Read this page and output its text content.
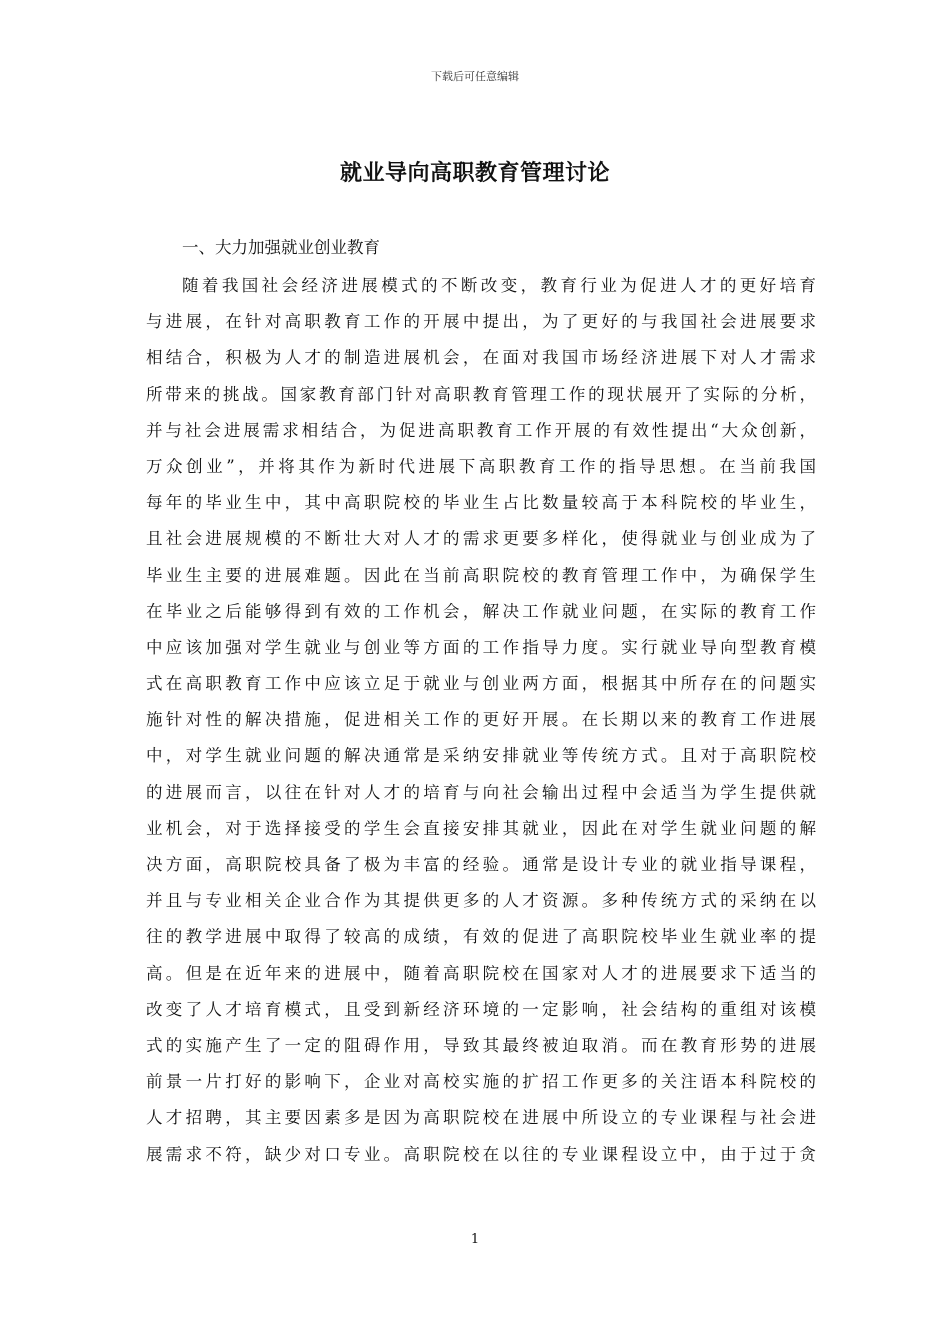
下载后可任意编辑
就业导向高职教育管理讨论
一、大力加强就业创业教育
随着我国社会经济进展模式的不断改变，教育行业为促进人才的更好培育
与进展，在针对高职教育工作的开展中提出，为了更好的与我国社会进展要求
相结合，积极为人才的制造进展机会，在面对我国市场经济进展下对人才需求
所带来的挑战。国家教育部门针对高职教育管理工作的现状展开了实际的分析，
并与社会进展需求相结合，为促进高职教育工作开展的有效性提出“大众创新，
万众创业”，并将其作为新时代进展下高职教育工作的指导思想。在当前我国
每年的毕业生中，其中高职院校的毕业生占比数量较高于本科院校的毕业生，
且社会进展规模的不断壮大对人才的需求更要多样化，使得就业与创业成为了
毕业生主要的进展难题。因此在当前高职院校的教育管理工作中，为确保学生
在毕业之后能够得到有效的工作机会，解决工作就业问题，在实际的教育工作
中应该加强对学生就业与创业等方面的工作指导力度。实行就业导向型教育模
式在高职教育工作中应该立足于就业与创业两方面，根据其中所存在的问题实
施针对性的解决措施，促进相关工作的更好开展。在长期以来的教育工作进展
中，对学生就业问题的解决通常是采纳安排就业等传统方式。且对于高职院校
的进展而言，以往在针对人才的培育与向社会输出过程中会适当为学生提供就
业机会，对于选择接受的学生会直接安排其就业，因此在对学生就业问题的解
决方面，高职院校具备了极为丰富的经验。通常是设计专业的就业指导课程，
并且与专业相关企业合作为其提供更多的人才资源。多种传统方式的采纳在以
往的教学进展中取得了较高的成绩，有效的促进了高职院校毕业生就业率的提
高。但是在近年来的进展中，随着高职院校在国家对人才的进展要求下适当的
改变了人才培育模式，且受到新经济环境的一定影响，社会结构的重组对该模
式的实施产生了一定的阻碍作用，导致其最终被迫取消。而在教育形势的进展
前景一片打好的影响下，企业对高校实施的扩招工作更多的关注语本科院校的
人才招聘，其主要因素多是因为高职院校在进展中所设立的专业课程与社会进
展需求不符，缺少对口专业。高职院校在以往的专业课程设立中，由于过于贪
1
